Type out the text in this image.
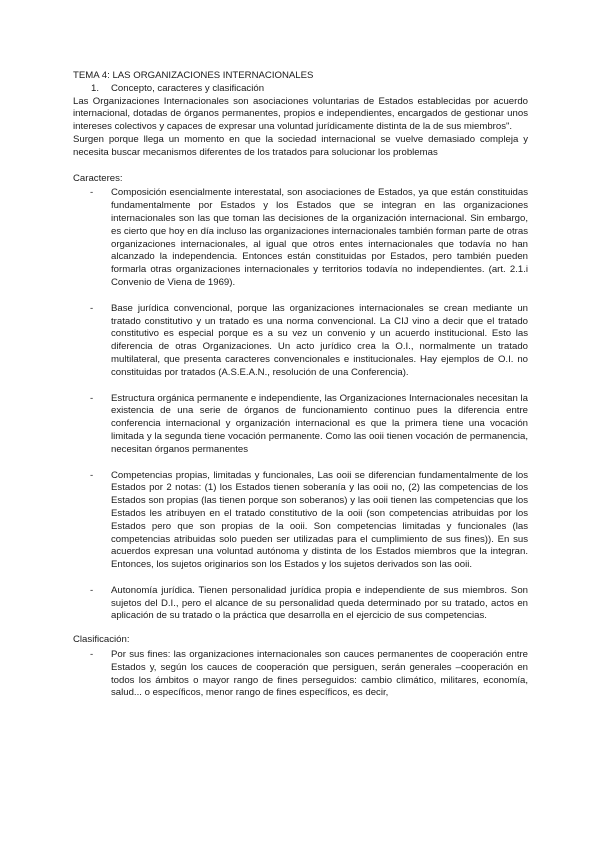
TEMA 4: LAS ORGANIZACIONES INTERNACIONALES

1.	Concepto, caracteres y clasificación

Las Organizaciones Internacionales son asociaciones voluntarias de Estados establecidas por acuerdo internacional, dotadas de órganos permanentes, propios e independientes, encargados de gestionar unos intereses colectivos y capaces de expresar una voluntad jurídicamente distinta de la de sus miembros".

Surgen porque llega un momento en que la sociedad internacional se vuelve demasiado compleja y necesita buscar mecanismos diferentes de los tratados para solucionar los problemas

Caracteres:

-	Composición esencialmente interestatal, son asociaciones de Estados, ya que están constituidas fundamentalmente por Estados y los Estados que se integran en las organizaciones internacionales son las que toman las decisiones de la organización internacional. Sin embargo, es cierto que hoy en día incluso las organizaciones internacionales también forman parte de otras organizaciones internacionales, al igual que otros entes internacionales que todavía no han alcanzado la independencia. Entonces están constituidas por Estados, pero también pueden formarla otras organizaciones internacionales y territorios todavía no independientes. (art. 2.1.i Convenio de Viena de 1969).
-	Base jurídica convencional, porque las organizaciones internacionales se crean mediante un tratado constitutivo y un tratado es una norma convencional. La CIJ vino a decir que el tratado constitutivo es especial porque es a su vez un convenio y un acuerdo institucional. Esto las diferencia de otras Organizaciones. Un acto jurídico crea la O.I., normalmente un tratado multilateral, que presenta caracteres convencionales e institucionales. Hay ejemplos de O.I. no constituidas por tratados (A.S.E.A.N., resolución de una Conferencia).
-	Estructura orgánica permanente e independiente, las Organizaciones Internacionales necesitan la existencia de una serie de órganos de funcionamiento continuo pues la diferencia entre conferencia internacional y organización internacional es que la primera tiene una vocación limitada y la segunda tiene vocación permanente. Como las ooii tienen vocación de permanencia, necesitan órganos permanentes
-	Competencias propias, limitadas y funcionales, Las ooii se diferencian fundamentalmente de los Estados por 2 notas: (1) los Estados tienen soberanía y las ooii no, (2) las competencias de los Estados son propias (las tienen porque son soberanos) y las ooii tienen las competencias que los Estados les atribuyen en el tratado constitutivo de la ooii (son competencias atribuidas por los Estados pero que son propias de la ooii. Son competencias limitadas y funcionales (las competencias atribuidas solo pueden ser utilizadas para el cumplimiento de sus fines)). En sus acuerdos expresan una voluntad autónoma y distinta de los Estados miembros que la integran. Entonces, los sujetos originarios son los Estados y los sujetos derivados son las ooii.
-	Autonomía jurídica. Tienen personalidad jurídica propia e independiente de sus miembros. Son sujetos del D.I., pero el alcance de su personalidad queda determinado por su tratado, actos en aplicación de su tratado o la práctica que desarrolla en el ejercicio de sus competencias.

Clasificación:

-	Por sus fines: las organizaciones internacionales son cauces permanentes de cooperación entre Estados y, según los cauces de cooperación que persiguen, serán generales –cooperación en todos los ámbitos o mayor rango de fines perseguidos: cambio climático, militares, economía, salud... o específicos, menor rango de fines específicos, es decir,
